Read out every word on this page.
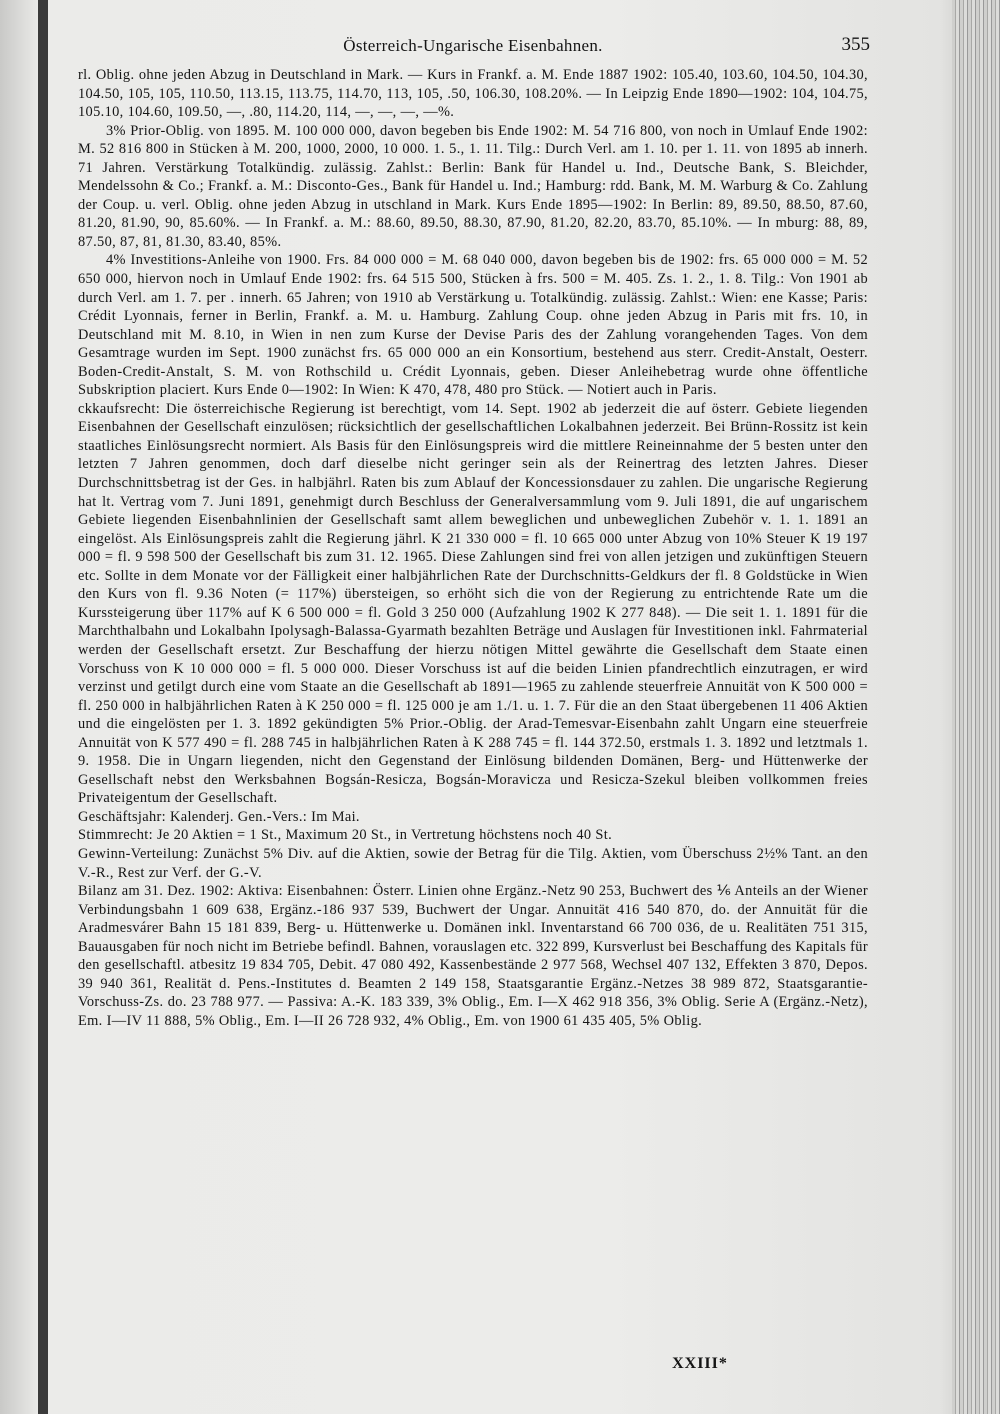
Österreich-Ungarische Eisenbahnen.	355

rl. Oblig. ohne jeden Abzug in Deutschland in Mark. — Kurs in Frankf. a. M. Ende 1887 1902: 105.40, 103.60, 104.50, 104.30, 104.50, 105, 105, 110.50, 113.15, 113.75, 114.70, 113, 105, .50, 106.30, 108.20%. — In Leipzig Ende 1890—1902: 104, 104.75, 105.10, 104.60, 109.50, —, .80, 114.20, 114, —, —, —, —%.

3% Prior-Oblig. von 1895. M. 100 000 000, davon begeben bis Ende 1902: M. 54 716 800, von noch in Umlauf Ende 1902: M. 52 816 800 in Stücken à M. 200, 1000, 2000, 10 000. 1. 5., 1. 11. Tilg.: Durch Verl. am 1. 10. per 1. 11. von 1895 ab innerh. 71 Jahren. Verstärkung Totalkündig. zulässig. Zahlst.: Berlin: Bank für Handel u. Ind., Deutsche Bank, S. Bleichder, Mendelssohn & Co.; Frankf. a. M.: Disconto-Ges., Bank für Handel u. Ind.; Hamburg: rdd. Bank, M. M. Warburg & Co. Zahlung der Coup. u. verl. Oblig. ohne jeden Abzug in utschland in Mark. Kurs Ende 1895—1902: In Berlin: 89, 89.50, 88.50, 87.60, 81.20, 81.90, 90, 85.60%. — In Frankf. a. M.: 88.60, 89.50, 88.30, 87.90, 81.20, 82.20, 83.70, 85.10%. — In mburg: 88, 89, 87.50, 87, 81, 81.30, 83.40, 85%.

4% Investitions-Anleihe von 1900. Frs. 84 000 000 = M. 68 040 000, davon begeben bis de 1902: frs. 65 000 000 = M. 52 650 000, hiervon noch in Umlauf Ende 1902: frs. 64 515 500, Stücken à frs. 500 = M. 405. Zs. 1. 2., 1. 8. Tilg.: Von 1901 ab durch Verl. am 1. 7. per . innerh. 65 Jahren; von 1910 ab Verstärkung u. Totalkündig. zulässig. Zahlst.: Wien: ene Kasse; Paris: Crédit Lyonnais, ferner in Berlin, Frankf. a. M. u. Hamburg. Zahlung Coup. ohne jeden Abzug in Paris mit frs. 10, in Deutschland mit M. 8.10, in Wien in nen zum Kurse der Devise Paris des der Zahlung vorangehenden Tages. Von dem Gesamtrage wurden im Sept. 1900 zunächst frs. 65 000 000 an ein Konsortium, bestehend aus sterr. Credit-Anstalt, Oesterr. Boden-Credit-Anstalt, S. M. von Rothschild u. Crédit Lyonnais, geben. Dieser Anleihebetrag wurde ohne öffentliche Subskription placiert. Kurs Ende 0—1902: In Wien: K 470, 478, 480 pro Stück. — Notiert auch in Paris.

ckkaufsrecht: Die österreichische Regierung ist berechtigt, vom 14. Sept. 1902 ab jederzeit die auf österr. Gebiete liegenden Eisenbahnen der Gesellschaft einzulösen; rücksichtlich der gesellschaftlichen Lokalbahnen jederzeit. Bei Brünn-Rossitz ist kein staatliches Einlösungsrecht normiert. Als Basis für den Einlösungspreis wird die mittlere Reineinnahme der 5 besten unter den letzten 7 Jahren genommen, doch darf dieselbe nicht geringer sein als der Reinertrag des letzten Jahres. Dieser Durchschnittsbetrag ist der Ges. in halbjährl. Raten bis zum Ablauf der Koncessionsdauer zu zahlen. Die ungarische Regierung hat lt. Vertrag vom 7. Juni 1891, genehmigt durch Beschluss der Generalversammlung vom 9. Juli 1891, die auf ungarischem Gebiete liegenden Eisenbahnlinien der Gesellschaft samt allem beweglichen und unbeweglichen Zubehör v. 1. 1. 1891 an eingelöst. Als Einlösungspreis zahlt die Regierung jährl. K 21 330 000 = fl. 10 665 000 unter Abzug von 10% Steuer K 19 197 000 = fl. 9 598 500 der Gesellschaft bis zum 31. 12. 1965. Diese Zahlungen sind frei von allen jetzigen und zukünftigen Steuern etc. Sollte in dem Monate vor der Fälligkeit einer halbjährlichen Rate der Durchschnitts-Geldkurs der fl. 8 Goldstücke in Wien den Kurs von fl. 9.36 Noten (= 117%) übersteigen, so erhöht sich die von der Regierung zu entrichtende Rate um die Kurssteigerung über 117% auf K 6 500 000 = fl. Gold 3 250 000 (Aufzahlung 1902 K 277 848). — Die seit 1. 1. 1891 für die Marchthalbahn und Lokalbahn Ipolysagh-Balassa-Gyarmath bezahlten Beträge und Auslagen für Investitionen inkl. Fahrmaterial werden der Gesellschaft ersetzt. Zur Beschaffung der hierzu nötigen Mittel gewährte die Gesellschaft dem Staate einen Vorschuss von K 10 000 000 = fl. 5 000 000. Dieser Vorschuss ist auf die beiden Linien pfandrechtlich einzutragen, er wird verzinst und getilgt durch eine vom Staate an die Gesellschaft ab 1891—1965 zu zahlende steuerfreie Annuität von K 500 000 = fl. 250 000 in halbjährlichen Raten à K 250 000 = fl. 125 000 je am 1./1. u. 1. 7. Für die an den Staat übergebenen 11 406 Aktien und die eingelösten per 1. 3. 1892 gekündigten 5% Prior.-Oblig. der Arad-Temesvar-Eisenbahn zahlt Ungarn eine steuerfreie Annuität von K 577 490 = fl. 288 745 in halbjährlichen Raten à K 288 745 = fl. 144 372.50, erstmals 1. 3. 1892 und letztmals 1. 9. 1958. Die in Ungarn liegenden, nicht den Gegenstand der Einlösung bildenden Domänen, Berg- und Hüttenwerke der Gesellschaft nebst den Werksbahnen Bogsán-Resicza, Bogsán-Moravicza und Resicza-Szekul bleiben vollkommen freies Privateigentum der Gesellschaft.

Geschäftsjahr: Kalenderj. Gen.-Vers.: Im Mai.

Stimmrecht: Je 20 Aktien = 1 St., Maximum 20 St., in Vertretung höchstens noch 40 St.

Gewinn-Verteilung: Zunächst 5% Div. auf die Aktien, sowie der Betrag für die Tilg. Aktien, vom Überschuss 2½% Tant. an den V.-R., Rest zur Verf. der G.-V.

Bilanz am 31. Dez. 1902: Aktiva: Eisenbahnen: Österr. Linien ohne Ergänz.-Netz 90 253, Buchwert des ⅙ Anteils an der Wiener Verbindungsbahn 1 609 638, Ergänz.-186 937 539, Buchwert der Ungar. Annuität 416 540 870, do. der Annuität für die Aradmesvárer Bahn 15 181 839, Berg- u. Hüttenwerke u. Domänen inkl. Inventarstand 66 700 036, de u. Realitäten 751 315, Bauausgaben für noch nicht im Betriebe befindl. Bahnen, vorauslagen etc. 322 899, Kursverlust bei Beschaffung des Kapitals für den gesellschaftl. atbesitz 19 834 705, Debit. 47 080 492, Kassenbestände 2 977 568, Wechsel 407 132, Effekten 3 870, Depos. 39 940 361, Realität d. Pens.-Institutes d. Beamten 2 149 158, Staatsgarantie Ergänz.-Netzes 38 989 872, Staatsgarantie-Vorschuss-Zs. do. 23 788 977. — Passiva: A.-K. 183 339, 3% Oblig., Em. I—X 462 918 356, 3% Oblig. Serie A (Ergänz.-Netz), Em. I—IV 11 888, 5% Oblig., Em. I—II 26 728 932, 4% Oblig., Em. von 1900 61 435 405, 5% Oblig.

XXIII*
